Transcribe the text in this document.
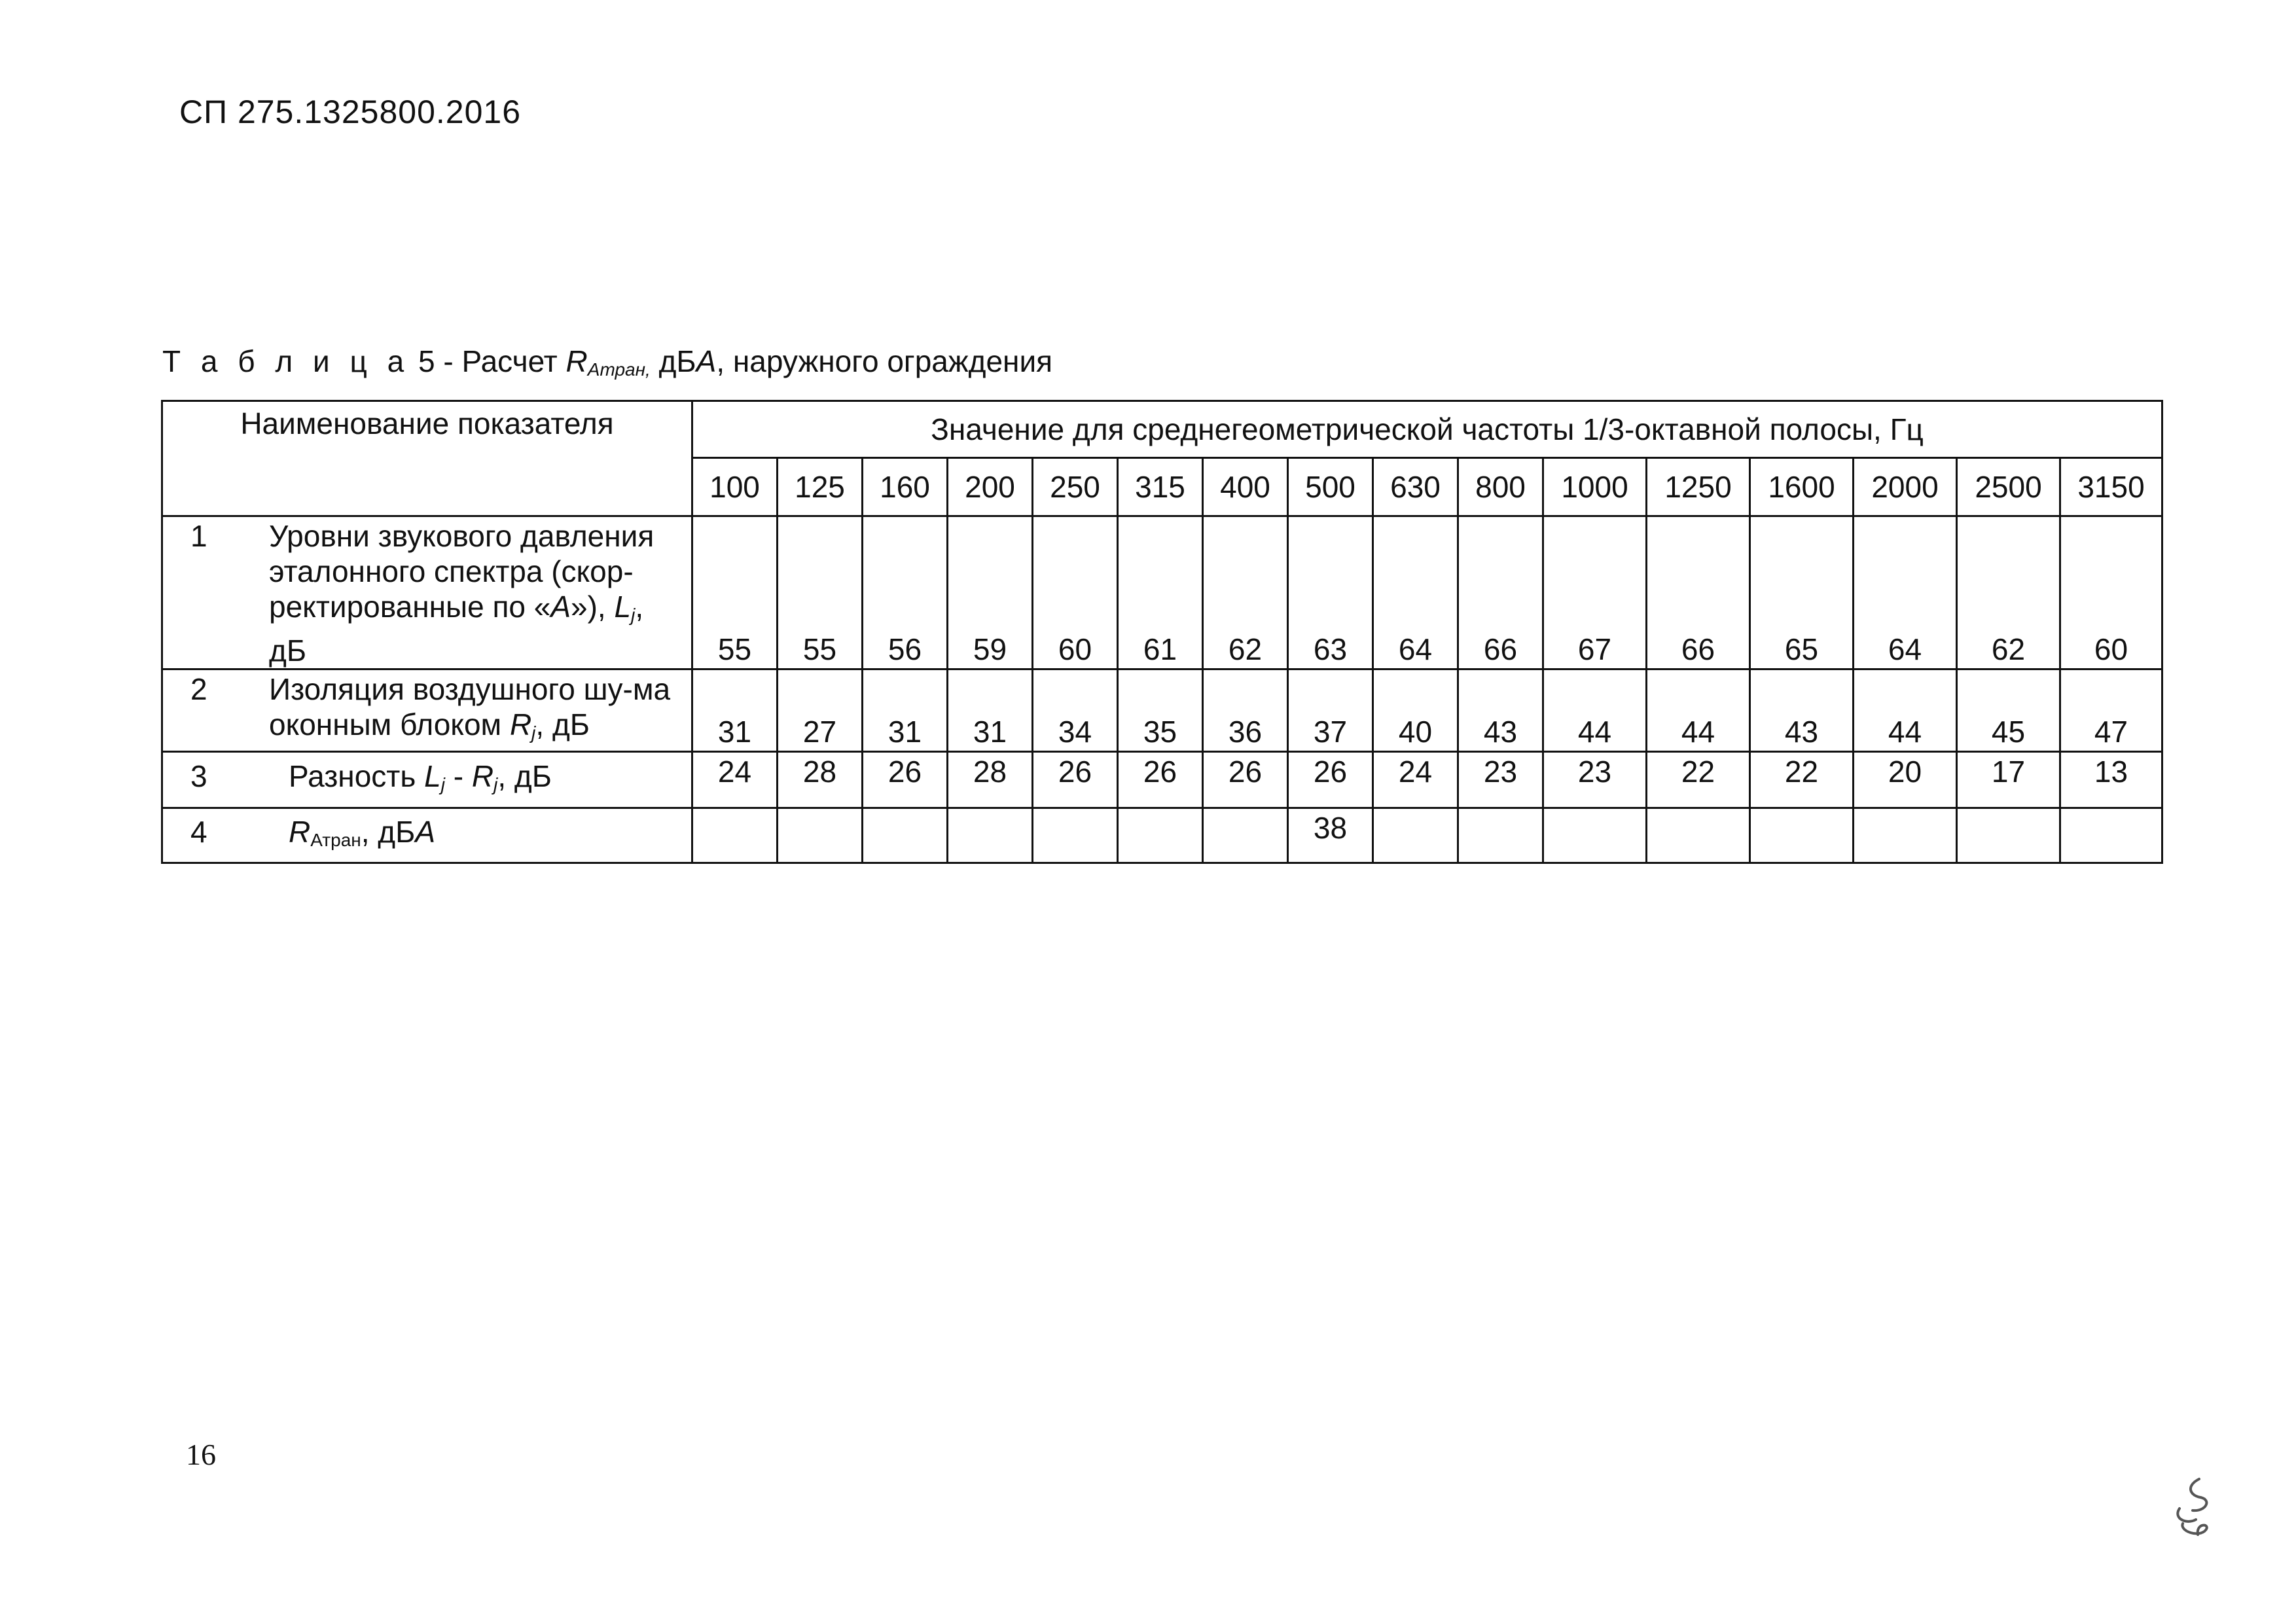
СП 275.1325800.2016
Т а б л и ц а 5 - Расчет $R_{Атран,}$ дБА, наружного ограждения
Наименование показателя	Значение для среднегеометрической частоты 1/3-октавной полосы, Гц															
	100	125	160	200	250	315	400	500	630	800	1000	1250	1600	2000	2500	3150

1 Уровни звукового давления эталонного спектра (скор-ректированные по «A»), $L_j$,
дБ	55	55	56	59	60	61	62	63	64	66	67	66	65	64	62	60

2 Изоляция воздушного шу-ма оконным блоком $R_j$, дБ	31	27	31	31	34	35	36	37	40	43	44	44	43	44	45	47

3 Разность $L_j - R_j$, дБ	24	28	26	28	26	26	26	26	24	23	23	22	22	20	17	13

4 $R_{Атран}$, дБА								38								
16
